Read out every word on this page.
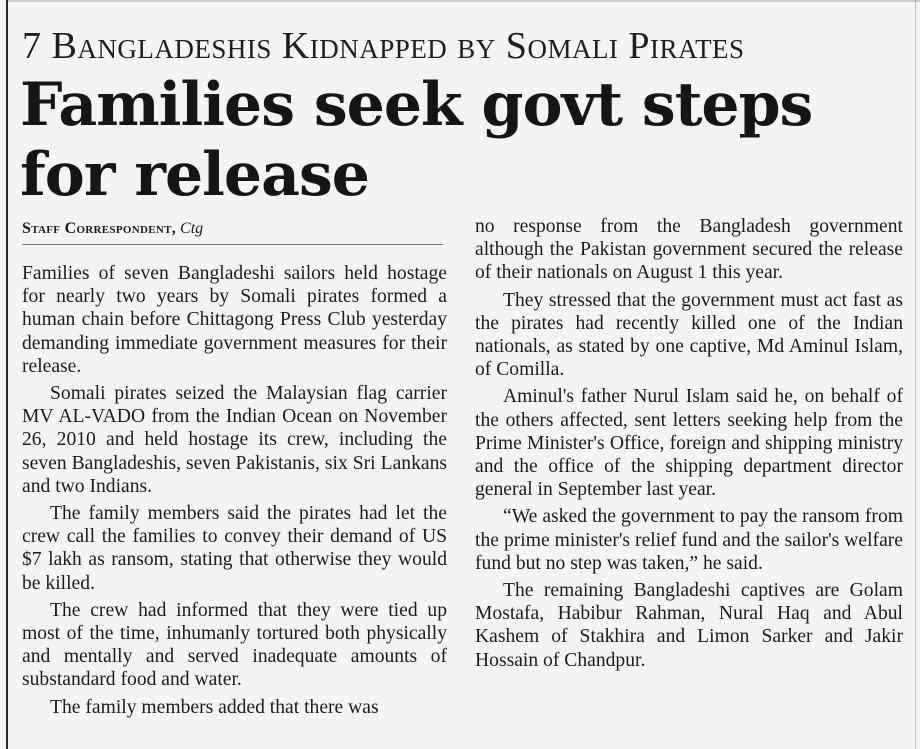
7 Bangladeshis Kidnapped by Somali Pirates
Families seek govt steps for release
Staff Correspondent, Ctg

Families of seven Bangladeshi sailors held hostage for nearly two years by Somali pirates formed a human chain before Chittagong Press Club yesterday demanding immediate government measures for their release.

Somali pirates seized the Malaysian flag carrier MV AL-VADO from the Indian Ocean on November 26, 2010 and held hostage its crew, including the seven Bangladeshis, seven Pakistanis, six Sri Lankans and two Indians.

The family members said the pirates had let the crew call the families to convey their demand of US $7 lakh as ransom, stating that otherwise they would be killed.

The crew had informed that they were tied up most of the time, inhumanly tortured both physically and mentally and served inadequate amounts of substandard food and water.

The family members added that there was

no response from the Bangladesh government although the Pakistan government secured the release of their nationals on August 1 this year.

They stressed that the government must act fast as the pirates had recently killed one of the Indian nationals, as stated by one captive, Md Aminul Islam, of Comilla.

Aminul's father Nurul Islam said he, on behalf of the others affected, sent letters seeking help from the Prime Minister's Office, foreign and shipping ministry and the office of the shipping department director general in September last year.

“We asked the government to pay the ransom from the prime minister's relief fund and the sailor's welfare fund but no step was taken,” he said.

The remaining Bangladeshi captives are Golam Mostafa, Habibur Rahman, Nural Haq and Abul Kashem of Stakhira and Limon Sarker and Jakir Hossain of Chandpur.
